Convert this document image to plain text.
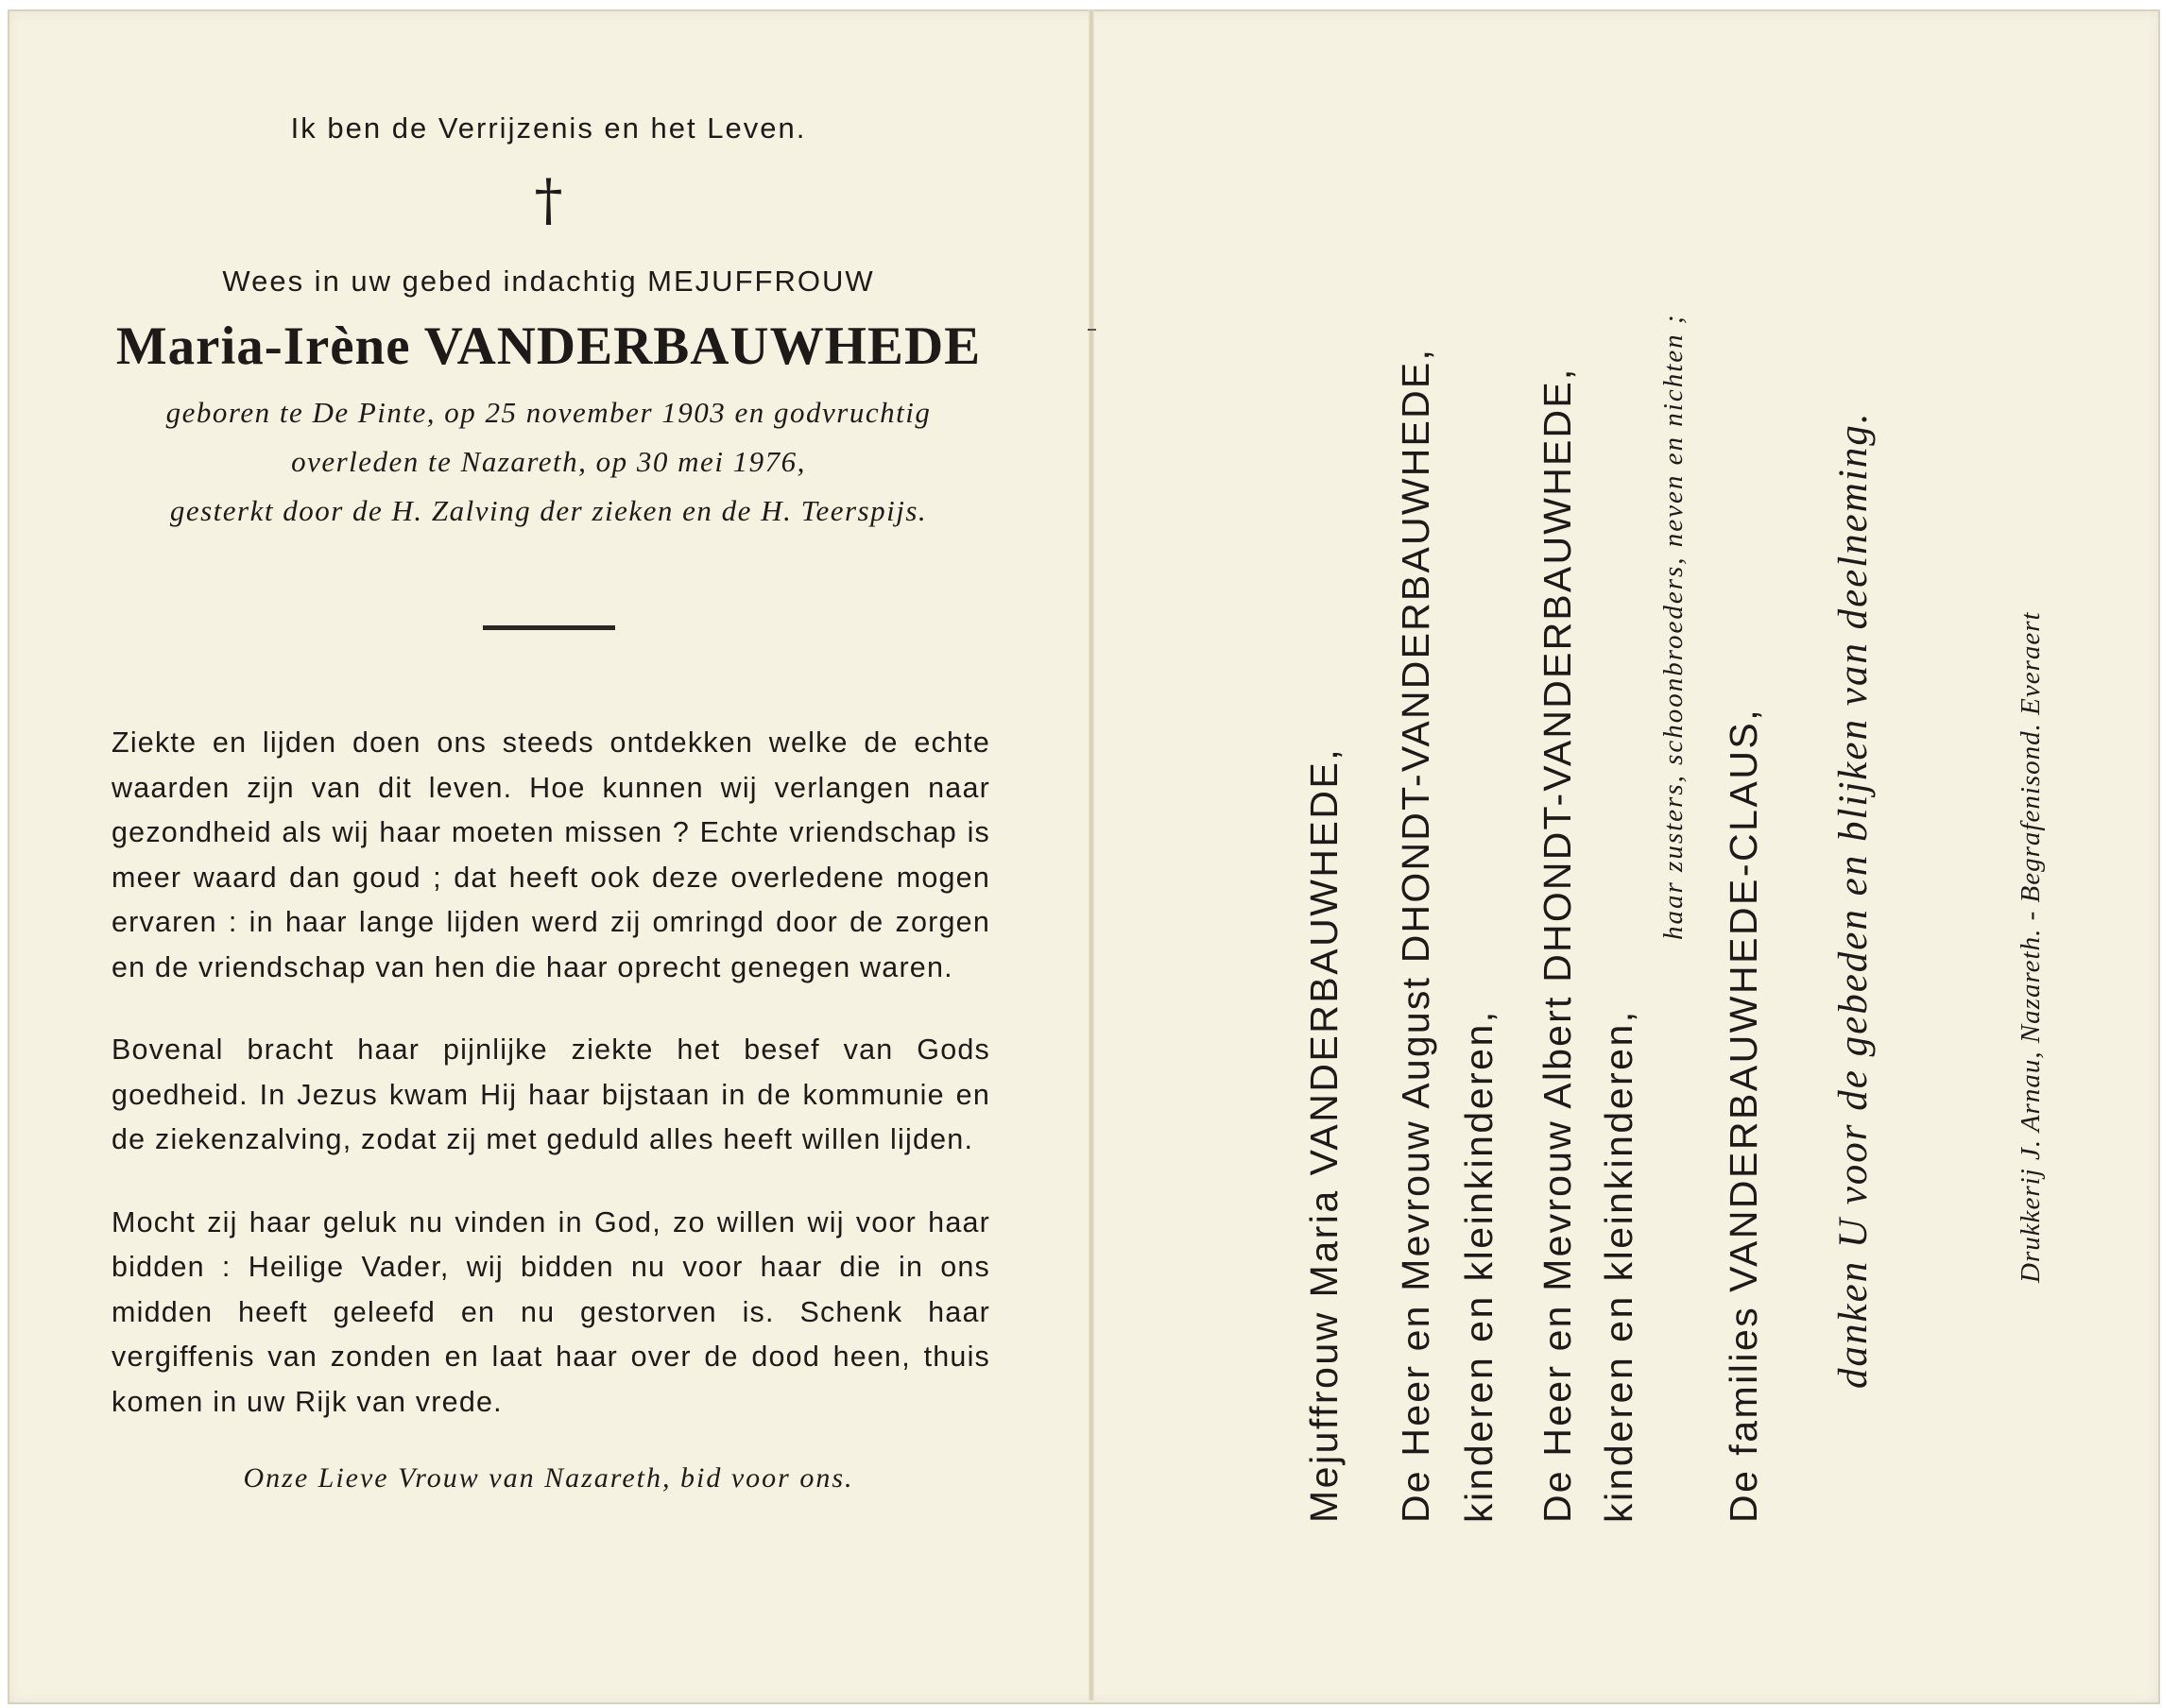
Ik ben de Verrijzenis en het Leven.

†

Wees in uw gebed indachtig MEJUFFROUW

Maria-Irène VANDERBAUWHEDE

geboren te De Pinte, op 25 november 1903 en godvruchtig

overleden te Nazareth, op 30 mei 1976,

gesterkt door de H. Zalving der zieken en de H. Teerspijs.

Ziekte en lijden doen ons steeds ontdekken welke de echte waarden zijn van dit leven. Hoe kunnen wij verlangen naar gezondheid als wij haar moeten missen ? Echte vriendschap is meer waard dan goud ; dat heeft ook deze overledene mogen ervaren : in haar lange lijden werd zij omringd door de zorgen en de vriendschap van hen die haar oprecht genegen waren.

Bovenal bracht haar pijnlijke ziekte het besef van Gods goedheid. In Jezus kwam Hij haar bijstaan in de kommunie en de ziekenzalving, zodat zij met geduld alles heeft willen lijden.

Mocht zij haar geluk nu vinden in God, zo willen wij voor haar bidden : Heilige Vader, wij bidden nu voor haar die in ons midden heeft geleefd en nu gestorven is. Schenk haar vergiffenis van zonden en laat haar over de dood heen, thuis komen in uw Rijk van vrede.

Onze Lieve Vrouw van Nazareth, bid voor ons.	Mejuffrouw Maria VANDERBAUWHEDE, De Heer en Mevrouw August DHONDT-VANDERBAUWHEDE, kinderen en kleinkinderen, De Heer en Mevrouw Albert DHONDT-VANDERBAUWHEDE, kinderen en kleinkinderen,
haar zusters, schoonbroeders, neven en nichten ;
De families VANDERBAUWHEDE-CLAUS, danken U voor de gebeden en blijken van deelneming.	Drukkerij J. Arnau, Nazareth. - Begrafenisond. Everaert
